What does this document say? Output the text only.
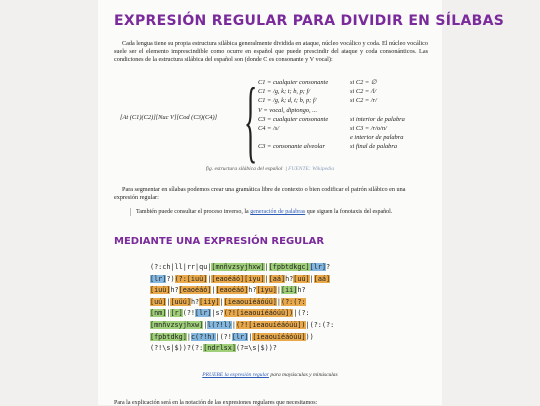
EXPRESIÓN REGULAR PARA DIVIDIR EN SÍLABAS

Cada lengua tiene su propia estructura silábica generalmente dividida en ataque, núcleo vocálico y coda. El núcleo vocálico suele ser el elemento imprescindible como ocurre en español que puede prescindir del ataque y coda consonánticos. Las condiciones de la estructura silábica del español son (donde C es consonante y V vocal):

[At (C1)(C2)][Nuc V][Cod (C3)(C4)] { C1 = cualquier consonante	si C2 = ∅
C1 = /g, k; t; b, p; f/	si C2 = /l/
C1 = /g, k; d, t; b, p; f/	si C2 = /r/
V = vocal, diptongo, ...
C3 = cualquier consonante	si interior de palabra
C4 = /s/	si C3 = /r/o/n/
e interior de palabra
C3 = consonante alveolar	si final de palabra
fig. estructura silábica del español  | FUENTE: Wikipedia

Para segmentar en sílabas podemos crear una gramática libre de contexto o bien codificar el patrón silábico en una expresión regular:

También puede consultar el proceso inverso, la generación de palabras que siguen la fonotaxis del español.

MEDIANTE UNA EXPRESIÓN REGULAR
(?:ch|ll|rr|qu|[mnñvzsyjhxw]|[fpbtdkgc][lr]?
[lr]?)(?:[iuü]|[eaoéáó][iyu]|[aá]h?[uú]|[aá]
[iuü]h?[eaoéáó]|[eaoéáó]h?[iyu]|[ií]h?
[uú]|[uüú]h?[iíy]|[ieaouíéáóúü]|(?:(?:
[nm]|[r](?![lr]|s?(?![ieaouíéáóúü])|(?:
[mnñvzsyjhxw]|l(?!l)|(?![ieaouíéáóúü])|(?:(?:
[fpbtdkg]|c(?!h)|(?![lr]|[ieaouíéáóúü]))
(?!\s|$))?(?:[ndrlsx](?=\s|$))?
PRUEBE la expresión regular para mayúsculas y minúsculas
Para la explicación será en la notación de las expresiones regulares que necesitamos:
